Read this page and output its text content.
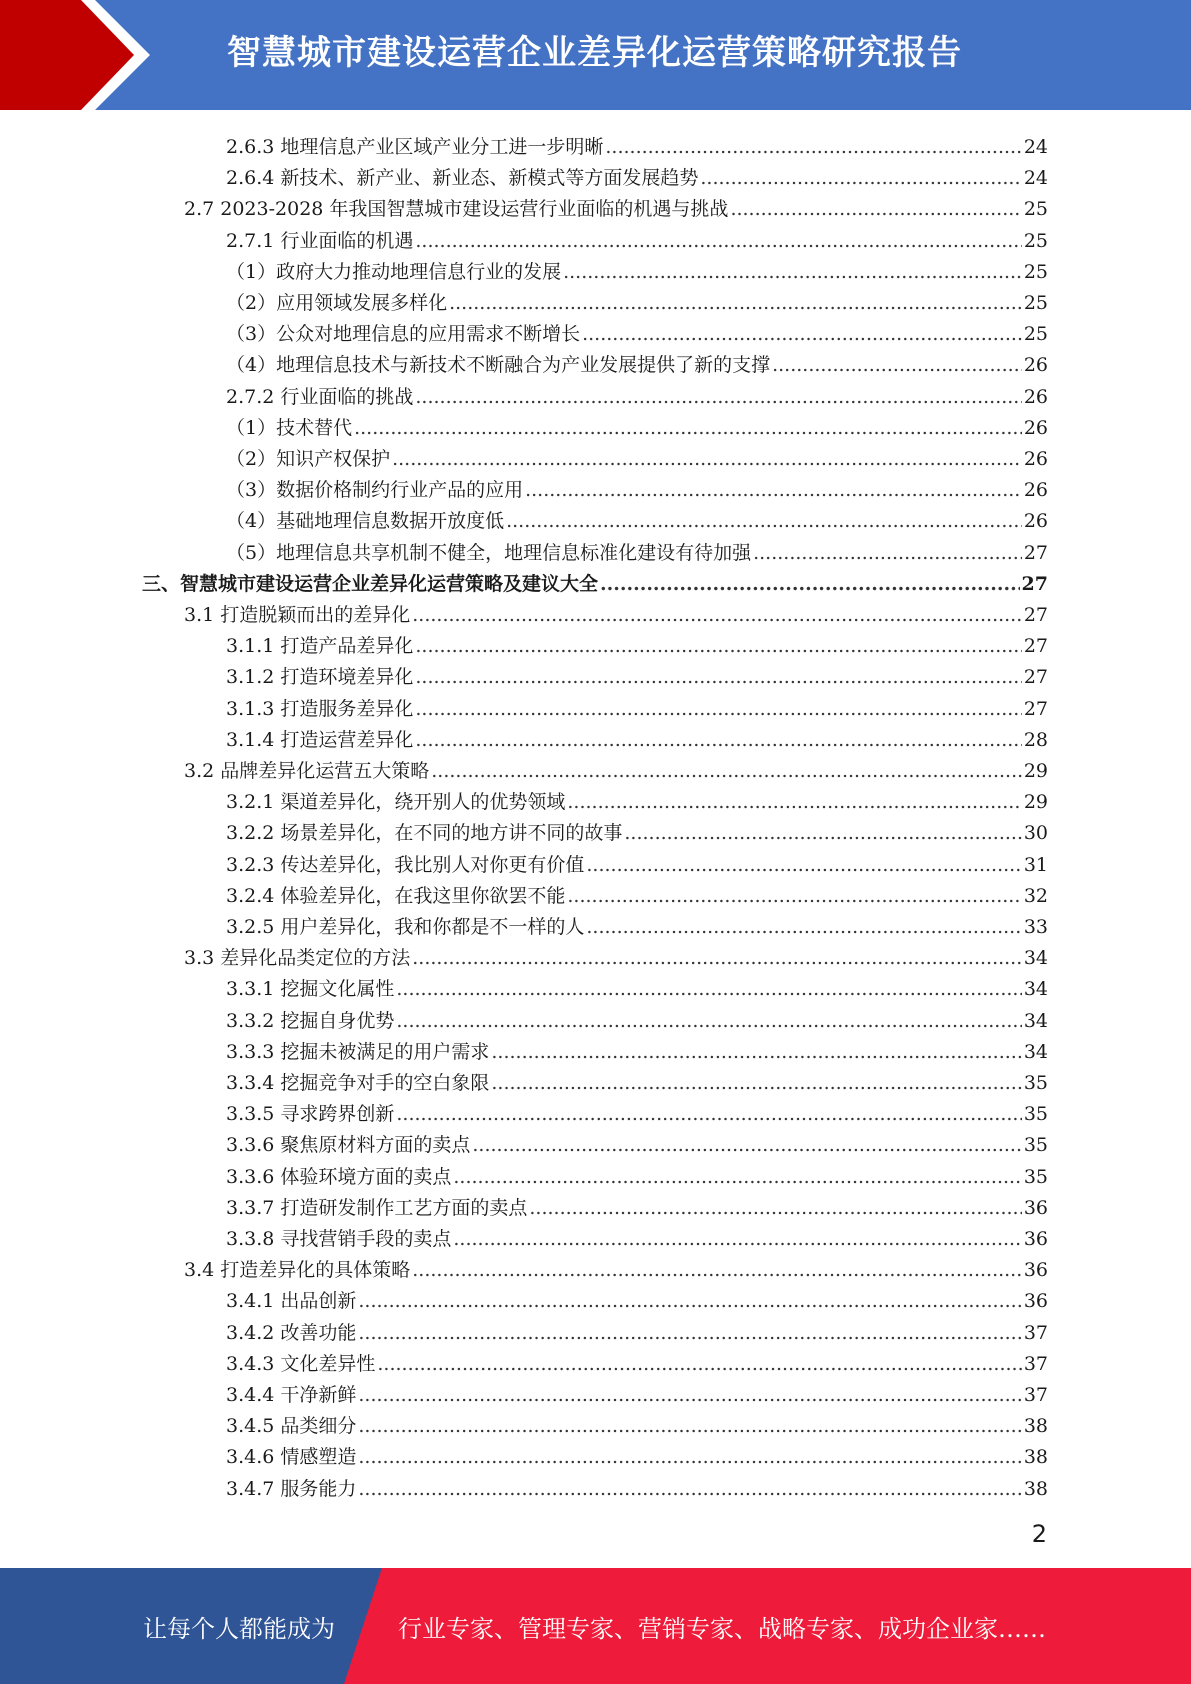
智慧城市建设运营企业差异化运营策略研究报告
2.6.3 地理信息产业区域产业分工进一步明晰 .....	24
2.6.4 新技术、新产业、新业态、新模式等方面发展趋势 .....	24
2.7 2023-2028 年我国智慧城市建设运营行业面临的机遇与挑战 .....	25
2.7.1 行业面临的机遇 .....	25
（1）政府大力推动地理信息行业的发展 .....	25
（2）应用领域发展多样化 .....	25
（3）公众对地理信息的应用需求不断增长 .....	25
（4）地理信息技术与新技术不断融合为产业发展提供了新的支撑 .....	26
2.7.2 行业面临的挑战 .....	26
（1）技术替代 .....	26
（2）知识产权保护 .....	26
（3）数据价格制约行业产品的应用 .....	26
（4）基础地理信息数据开放度低 .....	26
（5）地理信息共享机制不健全，地理信息标准化建设有待加强 .....	27
三、智慧城市建设运营企业差异化运营策略及建议大全 .....	27
3.1 打造脱颖而出的差异化 .....	27
3.1.1 打造产品差异化 .....	27
3.1.2 打造环境差异化 .....	27
3.1.3 打造服务差异化 .....	27
3.1.4 打造运营差异化 .....	28
3.2 品牌差异化运营五大策略 .....	29
3.2.1 渠道差异化，绕开别人的优势领域 .....	29
3.2.2 场景差异化，在不同的地方讲不同的故事 .....	30
3.2.3 传达差异化，我比别人对你更有价值 .....	31
3.2.4 体验差异化，在我这里你欲罢不能 .....	32
3.2.5 用户差异化，我和你都是不一样的人 .....	33
3.3 差异化品类定位的方法 .....	34
3.3.1 挖掘文化属性 .....	34
3.3.2 挖掘自身优势 .....	34
3.3.3 挖掘未被满足的用户需求 .....	34
3.3.4 挖掘竞争对手的空白象限 .....	35
3.3.5 寻求跨界创新 .....	35
3.3.6 聚焦原材料方面的卖点 .....	35
3.3.6 体验环境方面的卖点 .....	35
3.3.7 打造研发制作工艺方面的卖点 .....	36
3.3.8 寻找营销手段的卖点 .....	36
3.4 打造差异化的具体策略 .....	36
3.4.1 出品创新 .....	36
3.4.2 改善功能 .....	37
3.4.3 文化差异性 .....	37
3.4.4 干净新鲜 .....	37
3.4.5 品类细分 .....	38
3.4.6 情感塑造 .....	38
3.4.7 服务能力 .....	38
2
让每个人都能成为	行业专家、管理专家、营销专家、战略专家、成功企业家……
